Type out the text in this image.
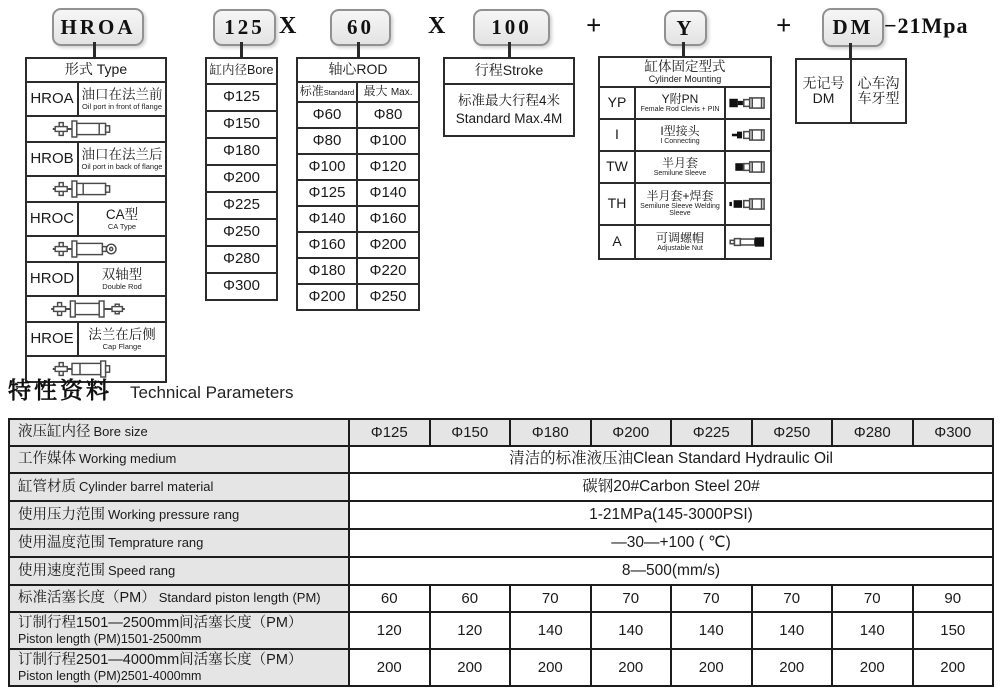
HROA	125 X	60	X	100	+	Y	+	DM −21Mpa
形式 Type	
HROA	油口在法兰前
Oil port in front of flange

HROB	油口在法兰后
Oil port in back of flange

HROC	CA型
CA Type

HROD	双轴型
Double Rod

HROE	法兰在后侧
Cap Flange

缸内径Bore
Φ125
Φ150
Φ180
Φ200
Φ225
Φ250
Φ280
Φ300
轴心ROD	
标准Standard	最大 Max.
Φ60	Φ80
Φ80	Φ100
Φ100	Φ120
Φ125	Φ140
Φ140	Φ160
Φ160	Φ200
Φ180	Φ220
Φ200	Φ250
行程Stroke
标准最大行程4米
Standard Max.4M
缸体固定型式
Cylinder Mounting		

YP	Y附PN
Female Rod Clevis + PIN

I	I型接头
I Connecting

TW	半月套
Semilune Sleeve

TH	半月套+焊套
Semilune Sleeve Welding Sleeve

A	可调螺帽
Adjustable Nut

无记号
DM

心车沟
车牙型
特性资料 Technical Parameters
液压缸内径 Bore size	Φ125	Φ150	Φ180	Φ200	Φ225	Φ250	Φ280	Φ300
工作媒体 Working medium	清洁的标准液压油Clean Standard Hydraulic Oil							
缸管材质 Cylinder barrel material	碳钢20#Carbon Steel 20#							
使用压力范围 Working pressure rang	1-21MPa(145-3000PSI)							
使用温度范围 Temprature rang	—30—+100 ( ℃)							
使用速度范围 Speed rang	8—500(mm/s)							
标准活塞长度（PM） Standard piston length (PM)	60	60	70	70	70	70	70	90
订制行程1501—2500mm间活塞长度（PM）
Piston length (PM)1501-2500mm	120	120	140	140	140	140	140	150
订制行程2501—4000mm间活塞长度（PM）
Piston length (PM)2501-4000mm	200	200	200	200	200	200	200	200
